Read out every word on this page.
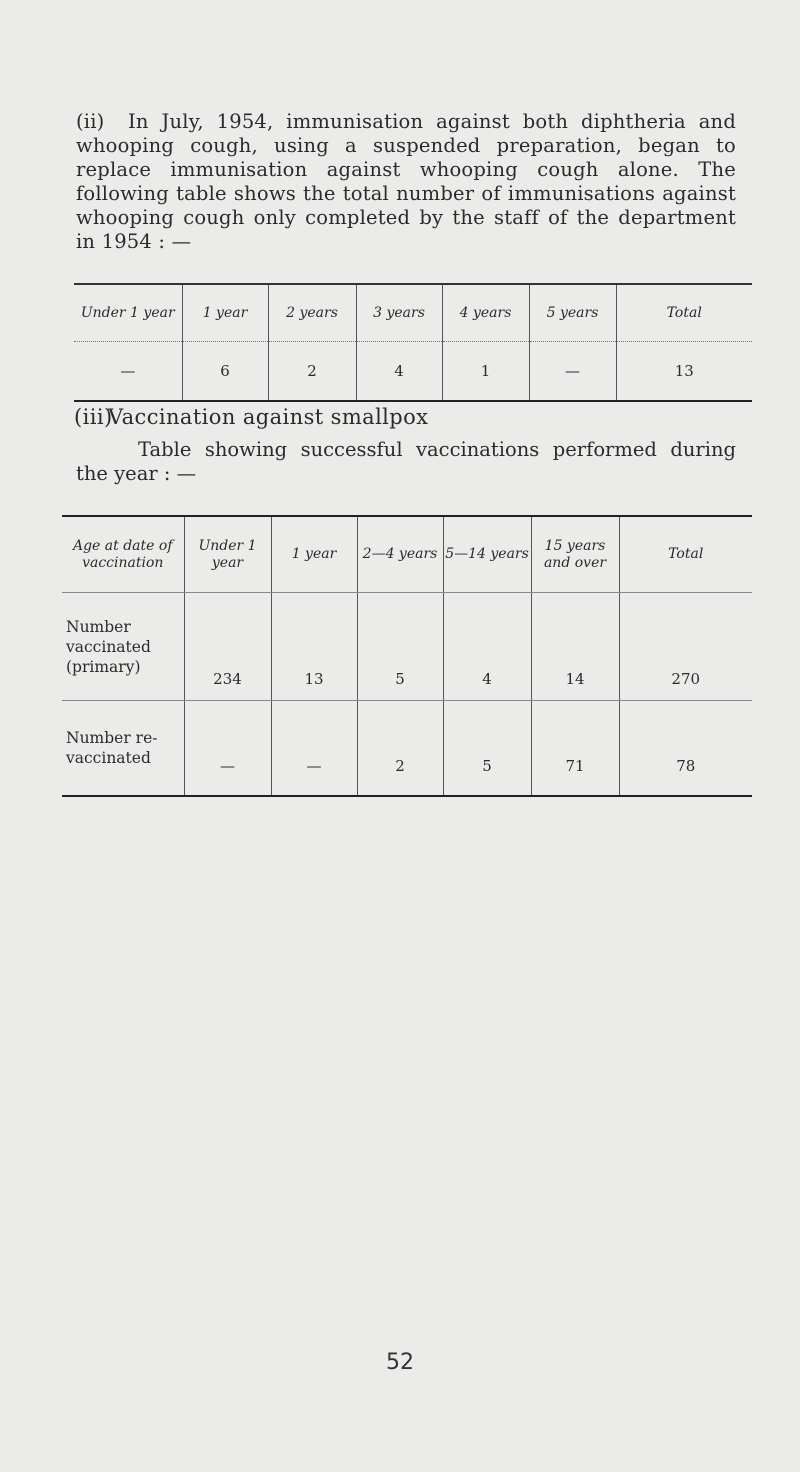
(ii) In July, 1954, immunisation against both diphtheria and whooping cough, using a suspended preparation, began to replace immunisation against whooping cough alone. The following table shows the total number of immunisations against whooping cough only completed by the staff of the department in 1954 : —

Under 1 year	1 year	2 years	3 years	4 years	5 years	Total
—	6	2	4	1	—	13
(iii)Vaccination against smallpox

Table showing successful vaccinations performed during the year : —

Age at date of vaccination	Under 1 year	1 year	2—4 years	5—14 years	15 years and over	Total
Number vaccinated (primary)	234	13	5	4	14	270
Number re-vaccinated	—	—	2	5	71	78
52
